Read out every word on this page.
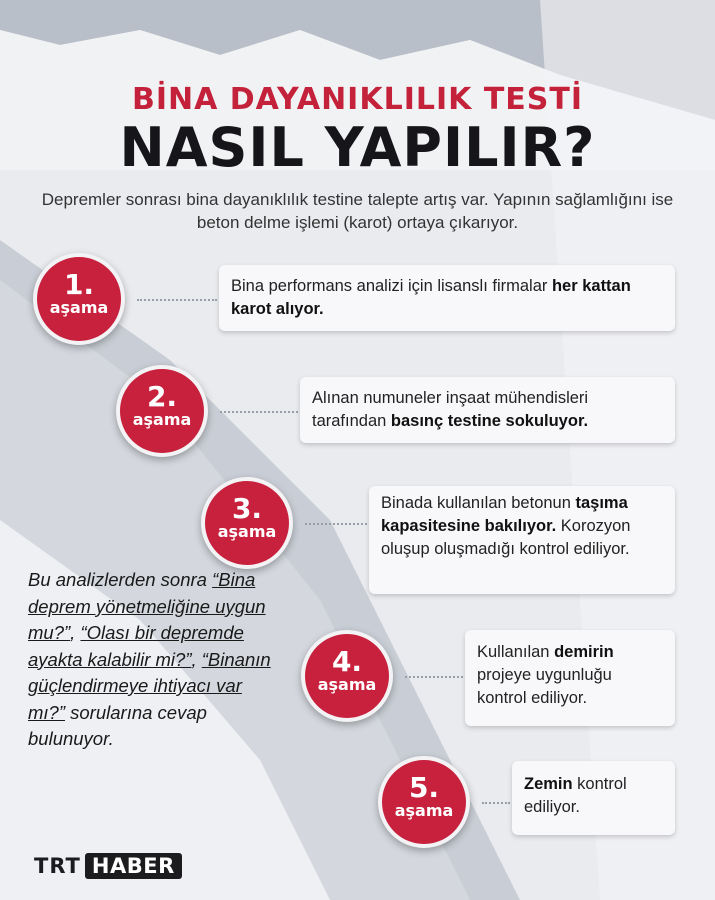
BİNA DAYANIKLILIK TESTİ
NASIL YAPILIR?
Depremler sonrası bina dayanıklılık testine talepte artış var. Yapının sağlamlığını ise beton delme işlemi (karot) ortaya çıkarıyor.
1.
aşama
Bina performans analizi için lisanslı firmalar her kattan karot alıyor.
2.
aşama
Alınan numuneler inşaat mühendisleri tarafından basınç testine sokuluyor.
3.
aşama
Binada kullanılan betonun taşıma kapasitesine bakılıyor. Korozyon oluşup oluşmadığı kontrol ediliyor.
4.
aşama
Kullanılan demirin projeye uygunluğu kontrol ediliyor.
5.
aşama
Zemin kontrol ediliyor.
Bu analizlerden sonra “Bina deprem yönetmeliğine uygun mu?”, “Olası bir depremde ayakta kalabilir mi?”, “Binanın güçlendirmeye ihtiyacı var mı?” sorularına cevap bulunuyor.
TRT HABER
